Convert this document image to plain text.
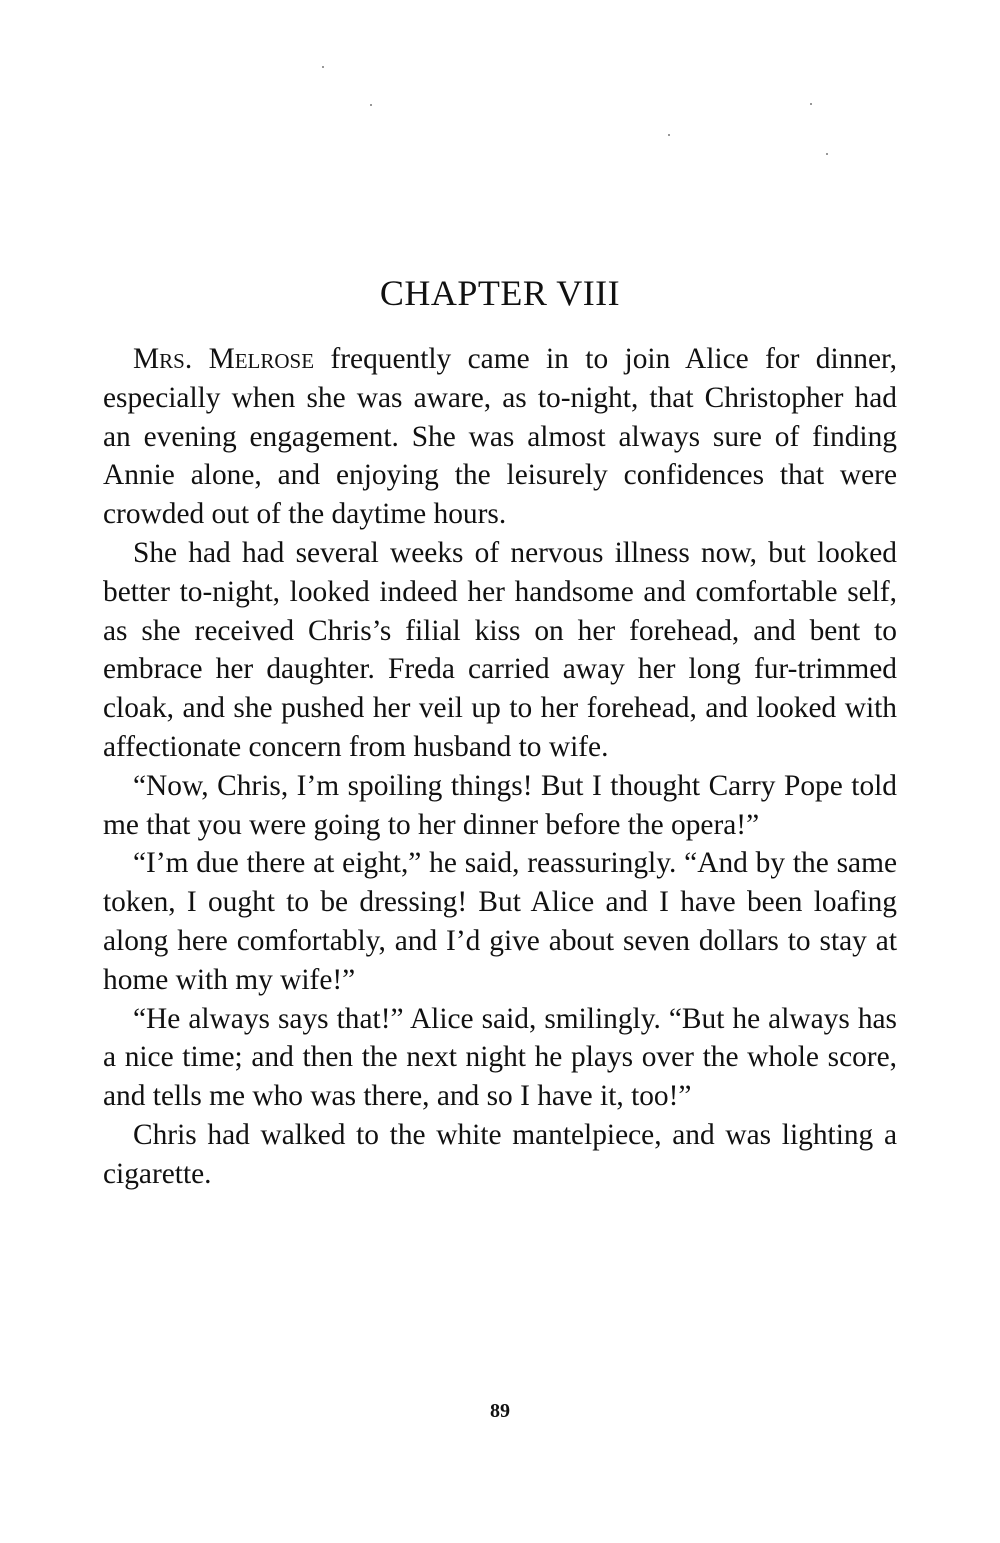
CHAPTER VIII

Mrs. Melrose frequently came in to join Alice for dinner, especially when she was aware, as to-night, that Christopher had an evening engagement. She was almost always sure of finding Annie alone, and enjoying the leisurely confidences that were crowded out of the daytime hours.

She had had several weeks of nervous illness now, but looked better to-night, looked indeed her handsome and comfortable self, as she received Chris’s filial kiss on her forehead, and bent to embrace her daughter. Freda carried away her long fur-trimmed cloak, and she pushed her veil up to her forehead, and looked with affectionate concern from husband to wife.

“Now, Chris, I’m spoiling things! But I thought Carry Pope told me that you were going to her dinner before the opera!”

“I’m due there at eight,” he said, reassuringly. “And by the same token, I ought to be dressing! But Alice and I have been loafing along here comfortably, and I’d give about seven dollars to stay at home with my wife!”

“He always says that!” Alice said, smilingly. “But he always has a nice time; and then the next night he plays over the whole score, and tells me who was there, and so I have it, too!”

Chris had walked to the white mantelpiece, and was lighting a cigarette.

89
